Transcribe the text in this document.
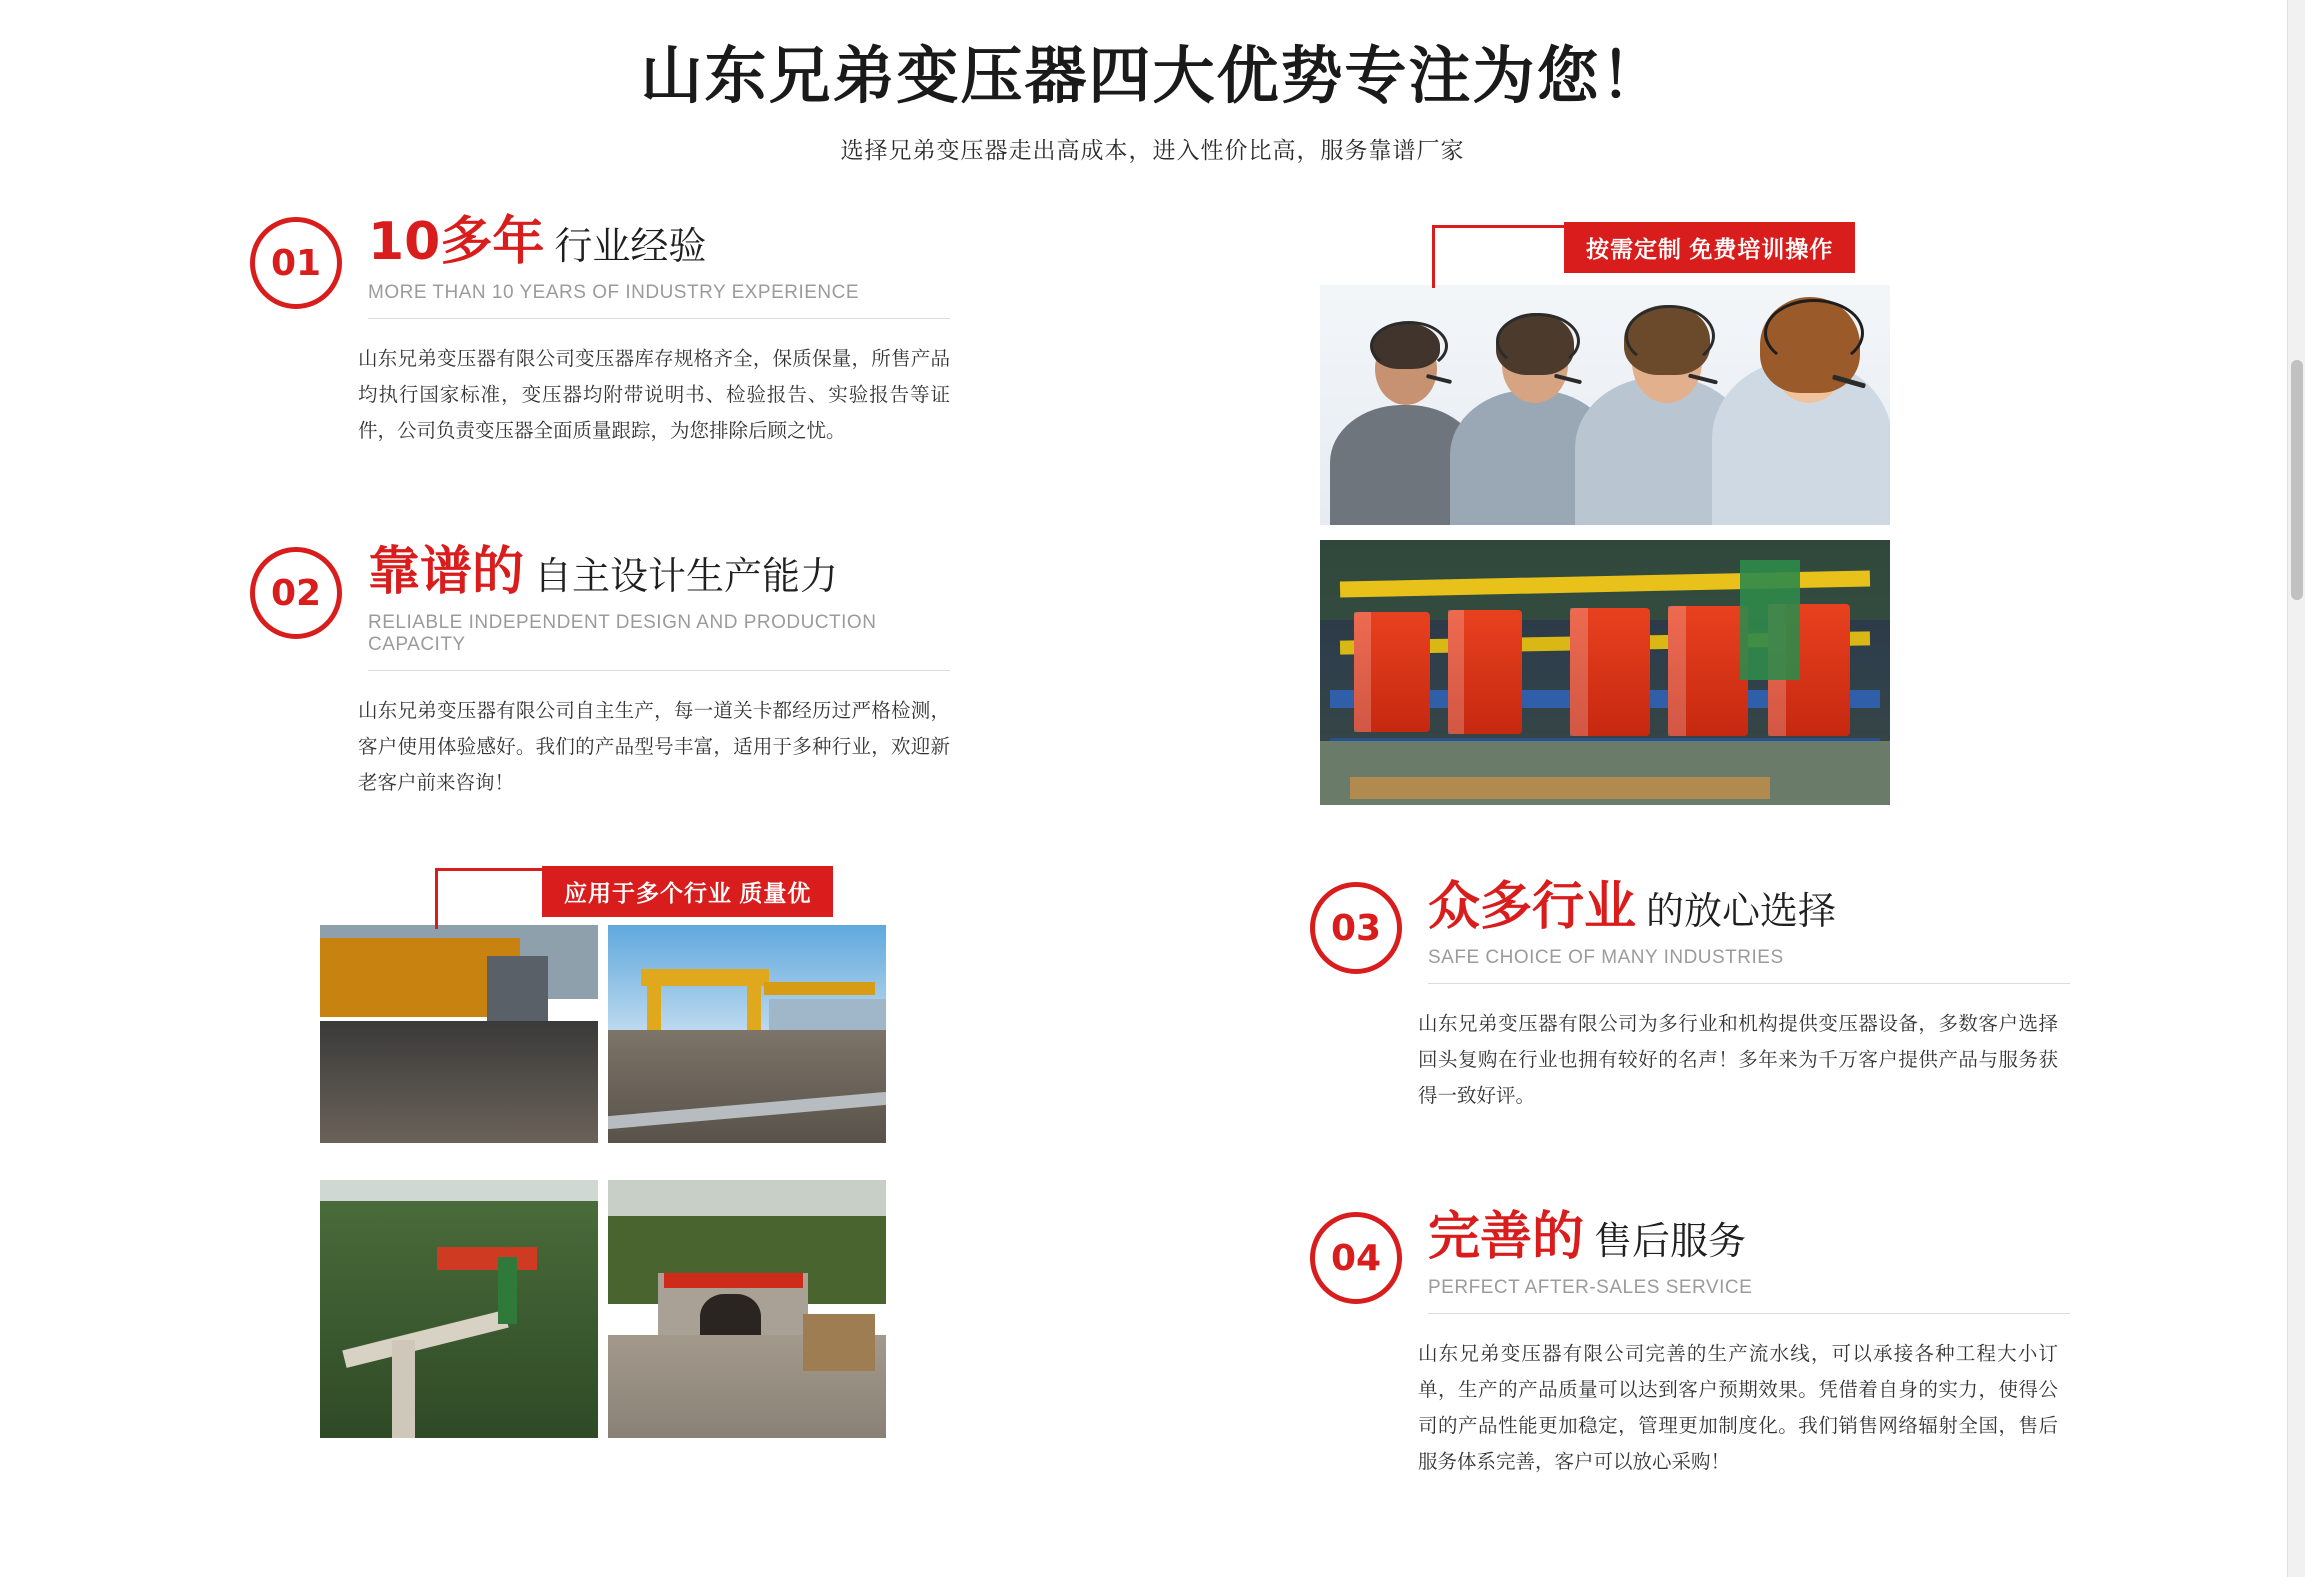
山东兄弟变压器四大优势专注为您！
选择兄弟变压器走出高成本，进入性价比高，服务靠谱厂家
01 10多年 行业经验
MORE THAN 10 YEARS OF INDUSTRY EXPERIENCE
山东兄弟变压器有限公司变压器库存规格齐全，保质保量，所售产品均执行国家标准，变压器均附带说明书、检验报告、实验报告等证件，公司负责变压器全面质量跟踪，为您排除后顾之忧。
02 靠谱的 自主设计生产能力
RELIABLE INDEPENDENT DESIGN AND PRODUCTION CAPACITY
山东兄弟变压器有限公司自主生产，每一道关卡都经历过严格检测，客户使用体验感好。我们的产品型号丰富，适用于多种行业，欢迎新老客户前来咨询！
03 众多行业 的放心选择
SAFE CHOICE OF MANY INDUSTRIES
山东兄弟变压器有限公司为多行业和机构提供变压器设备，多数客户选择回头复购在行业也拥有较好的名声！多年来为千万客户提供产品与服务获得一致好评。
04 完善的 售后服务
PERFECT AFTER-SALES SERVICE
山东兄弟变压器有限公司完善的生产流水线，可以承接各种工程大小订单，生产的产品质量可以达到客户预期效果。凭借着自身的实力，使得公司的产品性能更加稳定，管理更加制度化。我们销售网络辐射全国，售后服务体系完善，客户可以放心采购！
按需定制 免费培训操作
应用于多个行业 质量优
